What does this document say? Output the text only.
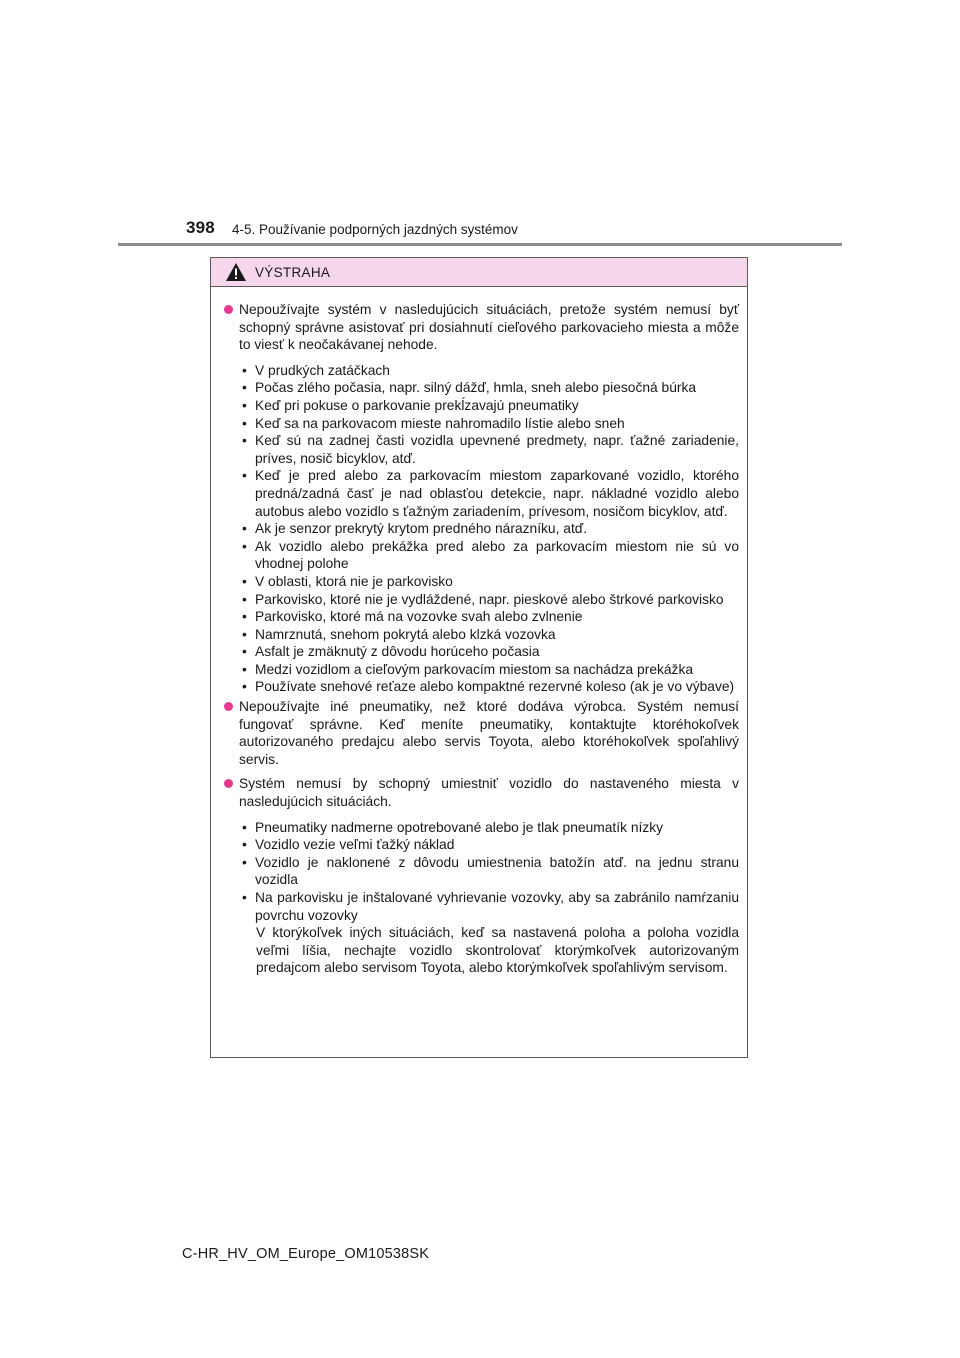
398 4-5. Používanie podporných jazdných systémov
VÝSTRAHA
Nepoužívajte systém v nasledujúcich situáciách, pretože systém nemusí byť schopný správne asistovať pri dosiahnutí cieľového parkovacieho miesta a môže to viesť k neočakávanej nehode.
• V prudkých zatáčkach
• Počas zlého počasia, napr. silný dážď, hmla, sneh alebo piesočná búrka
• Keď pri pokuse o parkovanie prekĺzavajú pneumatiky
• Keď sa na parkovacom mieste nahromadilo lístie alebo sneh
• Keď sú na zadnej časti vozidla upevnené predmety, napr. ťažné zariadenie, príves, nosič bicyklov, atď.
• Keď je pred alebo za parkovacím miestom zaparkované vozidlo, ktorého predná/zadná časť je nad oblasťou detekcie, napr. nákladné vozidlo alebo autobus alebo vozidlo s ťažným zariadením, prívesom, nosičom bicyklov, atď.
• Ak je senzor prekrytý krytom predného nárazníku, atď.
• Ak vozidlo alebo prekážka pred alebo za parkovacím miestom nie sú vo vhodnej polohe
• V oblasti, ktorá nie je parkovisko
• Parkovisko, ktoré nie je vydláždené, napr. pieskové alebo štrkové parkovisko
• Parkovisko, ktoré má na vozovke svah alebo zvlnenie
• Namrznutá, snehom pokrytá alebo klzká vozovka
• Asfalt je zmäknutý z dôvodu horúceho počasia
• Medzi vozidlom a cieľovým parkovacím miestom sa nachádza prekážka
• Používate snehové reťaze alebo kompaktné rezervné koleso (ak je vo výbave)
Nepoužívajte iné pneumatiky, než ktoré dodáva výrobca. Systém nemusí fungovať správne. Keď meníte pneumatiky, kontaktujte ktoréhokoľvek autorizovaného predajcu alebo servis Toyota, alebo ktoréhokoľvek spoľahlivý servis.
Systém nemusí by schopný umiestniť vozidlo do nastaveného miesta v nasledujúcich situáciách.
• Pneumatiky nadmerne opotrebované alebo je tlak pneumatík nízky
• Vozidlo vezie veľmi ťažký náklad
• Vozidlo je naklonené z dôvodu umiestnenia batožín atď. na jednu stranu vozidla
• Na parkovisku je inštalované vyhrievanie vozovky, aby sa zabránilo namŕzaniu povrchu vozovky
V ktorýkoľvek iných situáciách, keď sa nastavená poloha a poloha vozidla veľmi líšia, nechajte vozidlo skontrolovať ktorýmkoľvek autorizovaným predajcom alebo servisom Toyota, alebo ktorýmkoľvek spoľahlivým servisom.
C-HR_HV_OM_Europe_OM10538SK
